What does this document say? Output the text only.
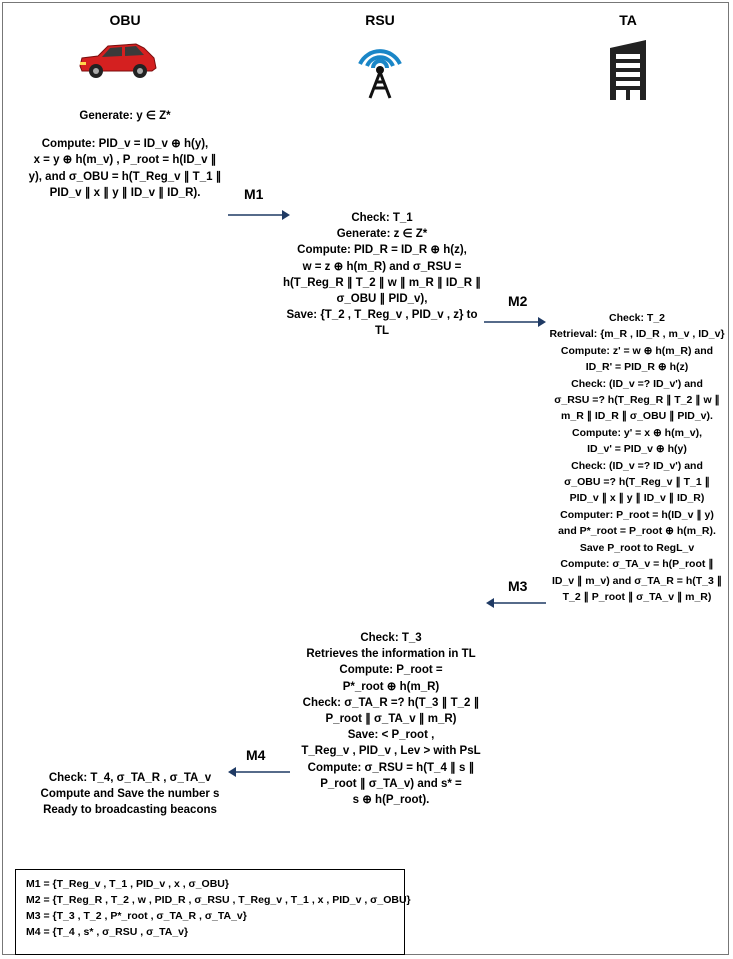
OBU	RSU	TA
Generate: y ∈ Z*
Compute: PID_v = ID_v ⊕ h(y),
x = y ⊕ h(m_v) , P_root = h(ID_v ∥
y), and σ_OBU = h(T_Reg_v ∥ T_1 ∥
PID_v ∥ x ∥ y ∥ ID_v ∥ ID_R).
Check: T_1
Generate: z ∈ Z*
Compute: PID_R = ID_R ⊕ h(z),
w = z ⊕ h(m_R) and σ_RSU =
h(T_Reg_R ∥ T_2 ∥ w ∥ m_R ∥ ID_R ∥
σ_OBU ∥ PID_v),
Save: {T_2 , T_Reg_v , PID_v , z} to
TL
Check: T_2
Retrieval: {m_R , ID_R , m_v , ID_v}
Compute: z' = w ⊕ h(m_R) and
ID_R' = PID_R ⊕ h(z)
Check: (ID_v =? ID_v') and
σ_RSU =? h(T_Reg_R ∥ T_2 ∥ w ∥
m_R ∥ ID_R ∥ σ_OBU ∥ PID_v).
Compute: y' = x ⊕ h(m_v),
ID_v' = PID_v ⊕ h(y)
Check: (ID_v =? ID_v') and
σ_OBU =? h(T_Reg_v ∥ T_1 ∥
PID_v ∥ x ∥ y ∥ ID_v ∥ ID_R)
Computer: P_root = h(ID_v ∥ y)
and P*_root = P_root ⊕ h(m_R).
Save P_root to RegL_v
Compute: σ_TA_v = h(P_root ∥
ID_v ∥ m_v) and σ_TA_R = h(T_3 ∥
T_2 ∥ P_root ∥ σ_TA_v ∥ m_R)
Check: T_3
Retrieves the information in TL
Compute: P_root =
P*_root ⊕ h(m_R)
Check: σ_TA_R =? h(T_3 ∥ T_2 ∥
P_root ∥ σ_TA_v ∥ m_R)
Save: < P_root ,
T_Reg_v , PID_v , Lev > with PsL
Compute: σ_RSU = h(T_4 ∥ s ∥
P_root ∥ σ_TA_v) and s* =
s ⊕ h(P_root).
Check: T_4, σ_TA_R , σ_TA_v
Compute and Save the number s
Ready to broadcasting beacons
M1
M2
M3
M4
M1 = {T_Reg_v , T_1 , PID_v , x , σ_OBU}
M2 = {T_Reg_R , T_2 , w , PID_R , σ_RSU , T_Reg_v , T_1 , x , PID_v , σ_OBU}
M3 = {T_3 , T_2 , P*_root , σ_TA_R , σ_TA_v}
M4 = {T_4 , s* , σ_RSU , σ_TA_v}
